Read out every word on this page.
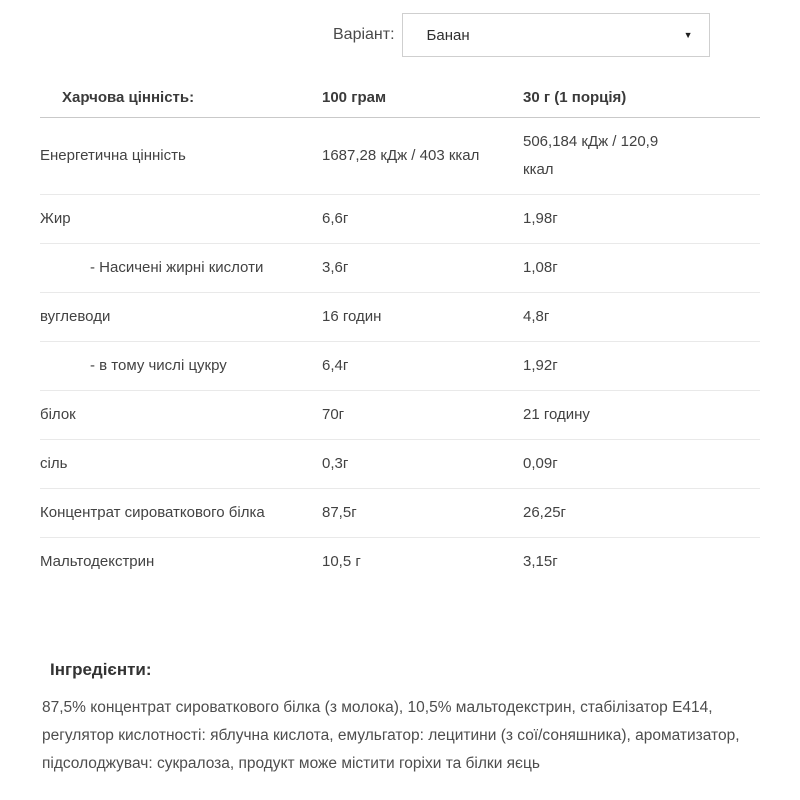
Варіант: Банан	▼
Харчова цінність:	100 грам	30 г (1 порція)
Енергетична цінність	1687,28 кДж / 403 ккал	506,184 кДж / 120,9 ккал
Жир	6,6г	1,98г
- Насичені жирні кислоти	3,6г	1,08г
вуглеводи	16 годин	4,8г
- в тому числі цукру	6,4г	1,92г
білок	70г	21 годину
сіль	0,3г	0,09г
Концентрат сироваткового білка	87,5г	26,25г
Мальтодекстрин	10,5 г	3,15г
Інгредієнти:
87,5% концентрат сироваткового білка (з молока), 10,5% мальтодекстрин, стабілізатор Е414, регулятор кислотності: яблучна кислота, емульгатор: лецитини (з сої/соняшника), ароматизатор, підсолоджувач: сукралоза, продукт може містити горіхи та білки яєць
